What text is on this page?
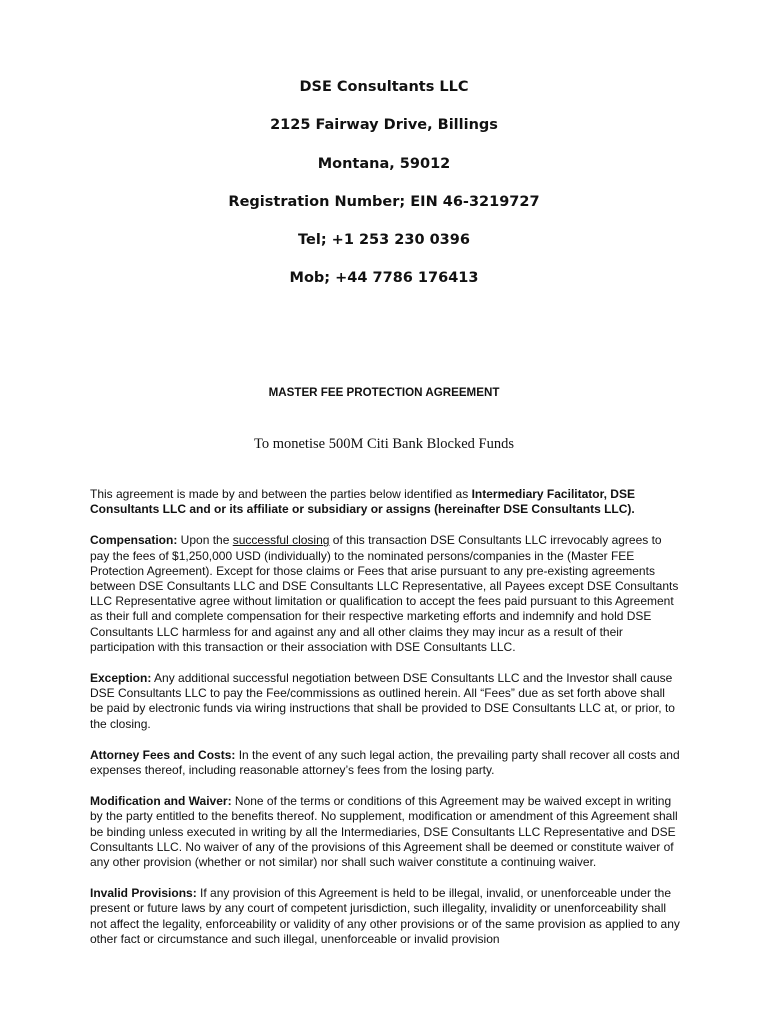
DSE Consultants LLC
2125 Fairway Drive, Billings
Montana, 59012
Registration Number; EIN 46-3219727
Tel; +1 253 230 0396
Mob; +44 7786 176413
MASTER FEE PROTECTION AGREEMENT
To monetise 500M Citi Bank Blocked Funds

This agreement is made by and between the parties below identified as Intermediary Facilitator, DSE Consultants LLC and or its affiliate or subsidiary or assigns (hereinafter DSE Consultants LLC).

Compensation: Upon the successful closing of this transaction DSE Consultants LLC irrevocably agrees to pay the fees of $1,250,000 USD (individually) to the nominated persons/companies in the (Master FEE Protection Agreement). Except for those claims or Fees that arise pursuant to any pre-existing agreements between DSE Consultants LLC and DSE Consultants LLC Representative, all Payees except DSE Consultants LLC Representative agree without limitation or qualification to accept the fees paid pursuant to this Agreement as their full and complete compensation for their respective marketing efforts and indemnify and hold DSE Consultants LLC harmless for and against any and all other claims they may incur as a result of their participation with this transaction or their association with DSE Consultants LLC.

Exception: Any additional successful negotiation between DSE Consultants LLC and the Investor shall cause DSE Consultants LLC to pay the Fee/commissions as outlined herein. All “Fees” due as set forth above shall be paid by electronic funds via wiring instructions that shall be provided to DSE Consultants LLC at, or prior, to the closing.

Attorney Fees and Costs: In the event of any such legal action, the prevailing party shall recover all costs and expenses thereof, including reasonable attorney’s fees from the losing party.

Modification and Waiver: None of the terms or conditions of this Agreement may be waived except in writing by the party entitled to the benefits thereof. No supplement, modification or amendment of this Agreement shall be binding unless executed in writing by all the Intermediaries, DSE Consultants LLC Representative and DSE Consultants LLC. No waiver of any of the provisions of this Agreement shall be deemed or constitute waiver of any other provision (whether or not similar) nor shall such waiver constitute a continuing waiver.

Invalid Provisions: If any provision of this Agreement is held to be illegal, invalid, or unenforceable under the present or future laws by any court of competent jurisdiction, such illegality, invalidity or unenforceability shall not affect the legality, enforceability or validity of any other provisions or of the same provision as applied to any other fact or circumstance and such illegal, unenforceable or invalid provision
